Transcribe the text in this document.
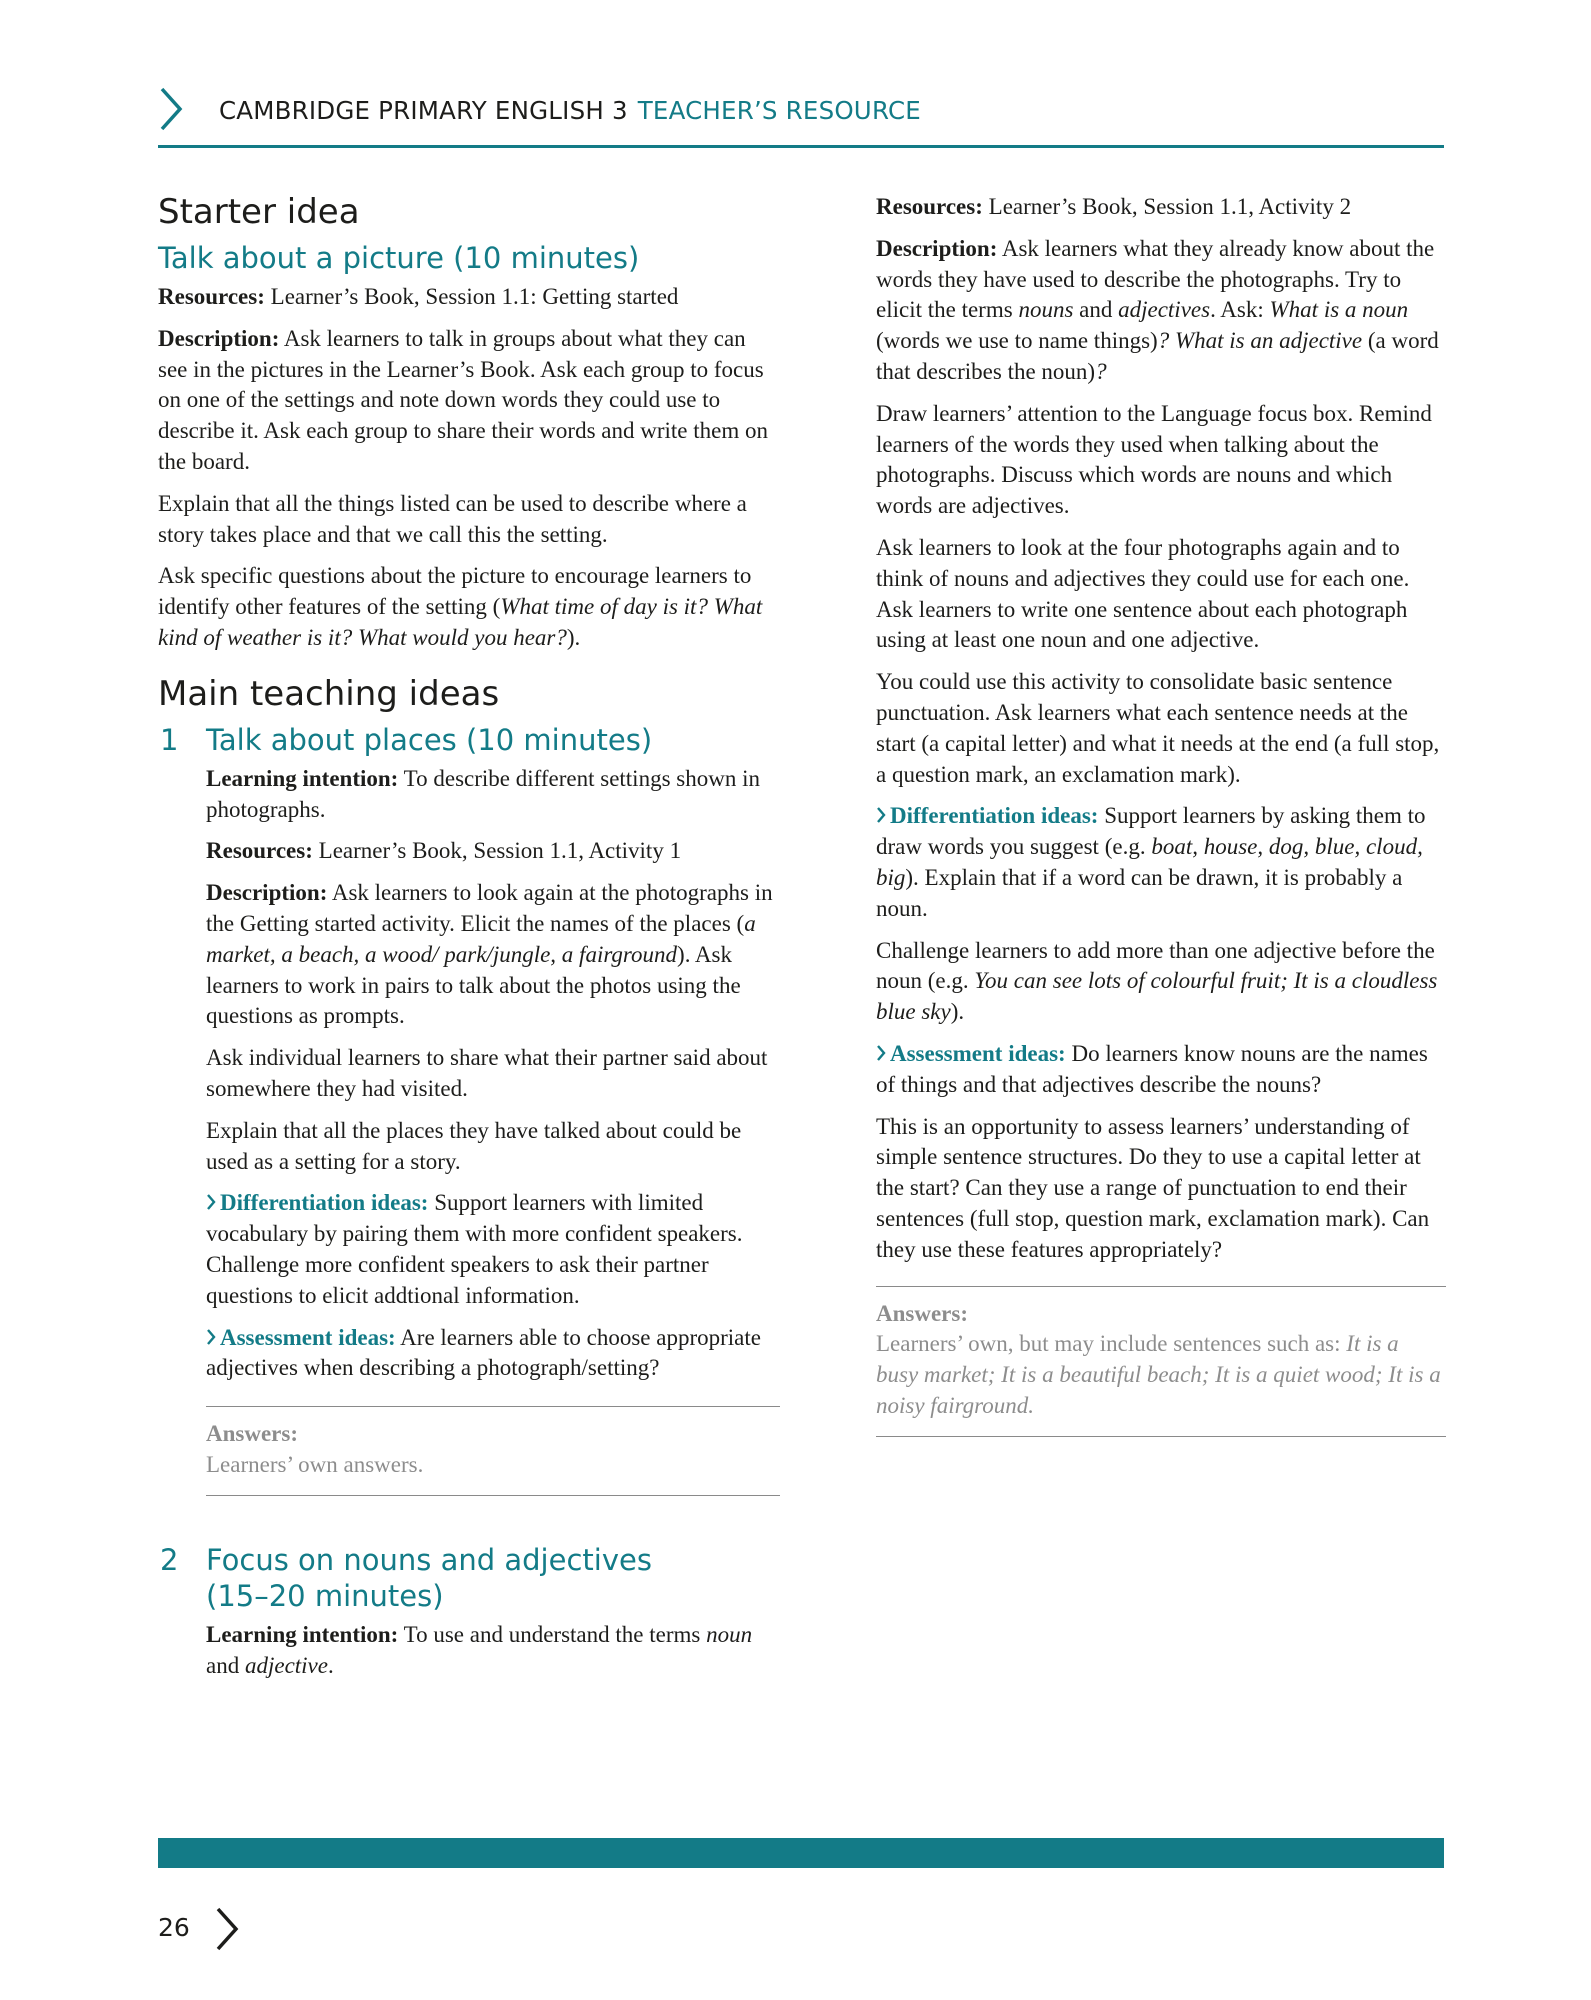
CAMBRIDGE PRIMARY ENGLISH 3 TEACHER’S RESOURCE
Starter idea
Talk about a picture (10 minutes)

Resources: Learner’s Book, Session 1.1: Getting started

Description: Ask learners to talk in groups about what they can see in the pictures in the Learner’s Book. Ask each group to focus on one of the settings and note down words they could use to describe it. Ask each group to share their words and write them on the board.

Explain that all the things listed can be used to describe where a story takes place and that we call this the setting.

Ask specific questions about the picture to encourage learners to identify other features of the setting (What time of day is it? What kind of weather is it? What would you hear?).

Main teaching ideas
1 Talk about places (10 minutes)

Learning intention: To describe different settings shown in photographs.

Resources: Learner’s Book, Session 1.1, Activity 1

Description: Ask learners to look again at the photographs in the Getting started activity. Elicit the names of the places (a market, a beach, a wood/ park/jungle, a fairground). Ask learners to work in pairs to talk about the photos using the questions as prompts.

Ask individual learners to share what their partner said about somewhere they had visited.

Explain that all the places they have talked about could be used as a setting for a story.

Differentiation ideas: Support learners with limited vocabulary by pairing them with more confident speakers. Challenge more confident speakers to ask their partner questions to elicit addtional information.

Assessment ideas: Are learners able to choose appropriate adjectives when describing a photograph/setting?

Answers:

Learners’ own answers.

2 Focus on nouns and adjectives
(15–20 minutes)

Learning intention: To use and understand the terms noun and adjective.

Resources: Learner’s Book, Session 1.1, Activity 2

Description: Ask learners what they already know about the words they have used to describe the photographs. Try to elicit the terms nouns and adjectives. Ask: What is a noun (words we use to name things)? What is an adjective (a word that describes the noun)?

Draw learners’ attention to the Language focus box. Remind learners of the words they used when talking about the photographs. Discuss which words are nouns and which words are adjectives.

Ask learners to look at the four photographs again and to think of nouns and adjectives they could use for each one. Ask learners to write one sentence about each photograph using at least one noun and one adjective.

You could use this activity to consolidate basic sentence punctuation. Ask learners what each sentence needs at the start (a capital letter) and what it needs at the end (a full stop, a question mark, an exclamation mark).

Differentiation ideas: Support learners by asking them to draw words you suggest (e.g. boat, house, dog, blue, cloud, big). Explain that if a word can be drawn, it is probably a noun.

Challenge learners to add more than one adjective before the noun (e.g. You can see lots of colourful fruit; It is a cloudless blue sky).

Assessment ideas: Do learners know nouns are the names of things and that adjectives describe the nouns?

This is an opportunity to assess learners’ understanding of simple sentence structures. Do they to use a capital letter at the start? Can they use a range of punctuation to end their sentences (full stop, question mark, exclamation mark). Can they use these features appropriately?

Answers:

Learners’ own, but may include sentences such as: It is a busy market; It is a beautiful beach; It is a quiet wood; It is a noisy fairground.

26
